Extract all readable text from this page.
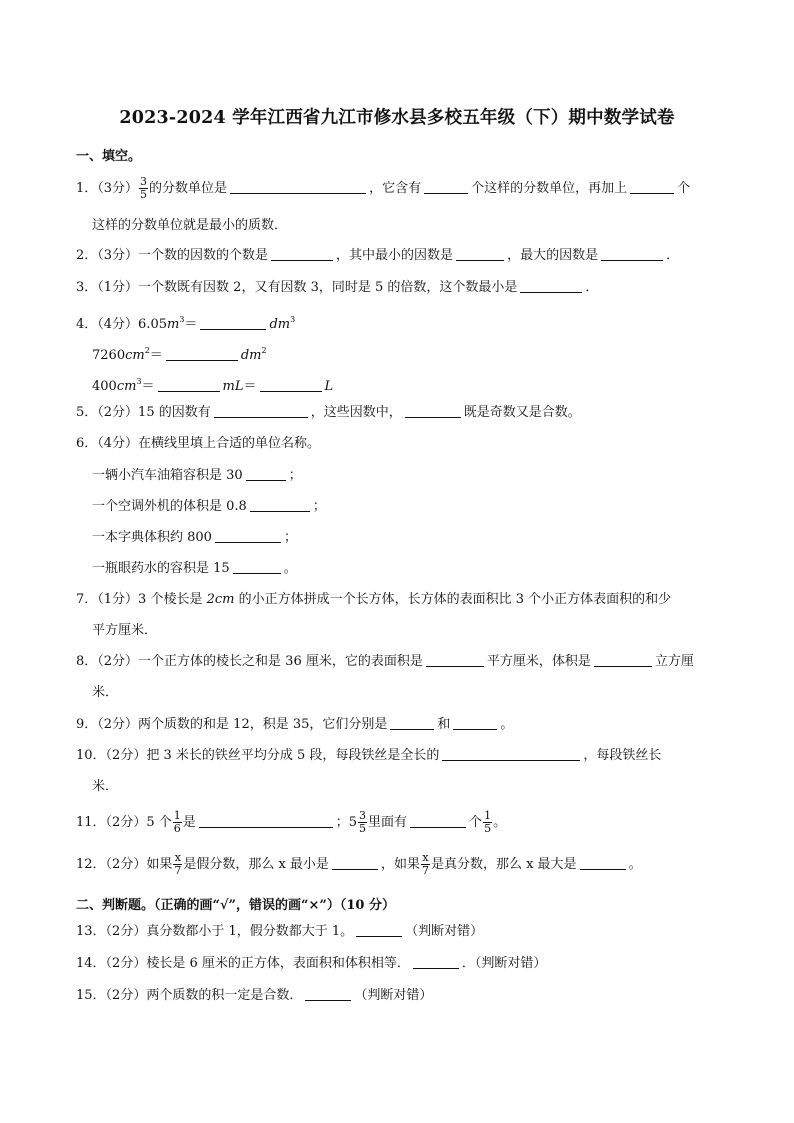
2023-2024 学年江西省九江市修水县多校五年级（下）期中数学试卷
一、填空。
1．（3分） $\frac{3}{5}$ 的分数单位是	，它含有	个这样的分数单位，再加上	个
这样的分数单位就是最小的质数．
2．（3分）一个数的因数的个数是	，其中最小的因数是	，最大的因数是	．
3．（1分）一个数既有因数 2，又有因数 3，同时是 5 的倍数，这个数最小是	．
4．（4分）$6.05m^3=$	$dm^3$
$7260cm^2=$	$dm^2$
$400cm^3=$	mL＝	L
5．（2分）15 的因数有	，这些因数中，	既是奇数又是合数。
6．（4分）在横线里填上合适的单位名称。
一辆小汽车油箱容积是 30	；
一个空调外机的体积是 0.8	；
一本字典体积约 800	；
一瓶眼药水的容积是 15	。
7．（1分）3 个棱长是 2cm 的小正方体拼成一个长方体，长方体的表面积比 3 个小正方体表面积的和少
平方厘米．
8．（2分）一个正方体的棱长之和是 36 厘米，它的表面积是	平方厘米，体积是	立方厘
米．
9．（2分）两个质数的和是 12，积是 35，它们分别是	和	。
10．（2分）把 3 米长的铁丝平均分成 5 段，每段铁丝是全长的	，每段铁丝长
米．
11．（2分）5 个 $\frac{1}{6}$ 是	；$5 \frac{3}{5}$ 里面有	个 $\frac{1}{5}$ 。
12．（2分）如果 $\frac{x}{7}$ 是假分数，那么 x 最小是	，如果 $\frac{x}{7}$ 是真分数，那么 x 最大是	。
二、判断题。（正确的画“√”，错误的画“×”）（10 分）
13．（2分）真分数都小于 1，假分数都大于 1。	（判断对错）
14．（2分）棱长是 6 厘米的正方体，表面积和体积相等．	．（判断对错）
15．（2分）两个质数的积一定是合数．	（判断对错）
